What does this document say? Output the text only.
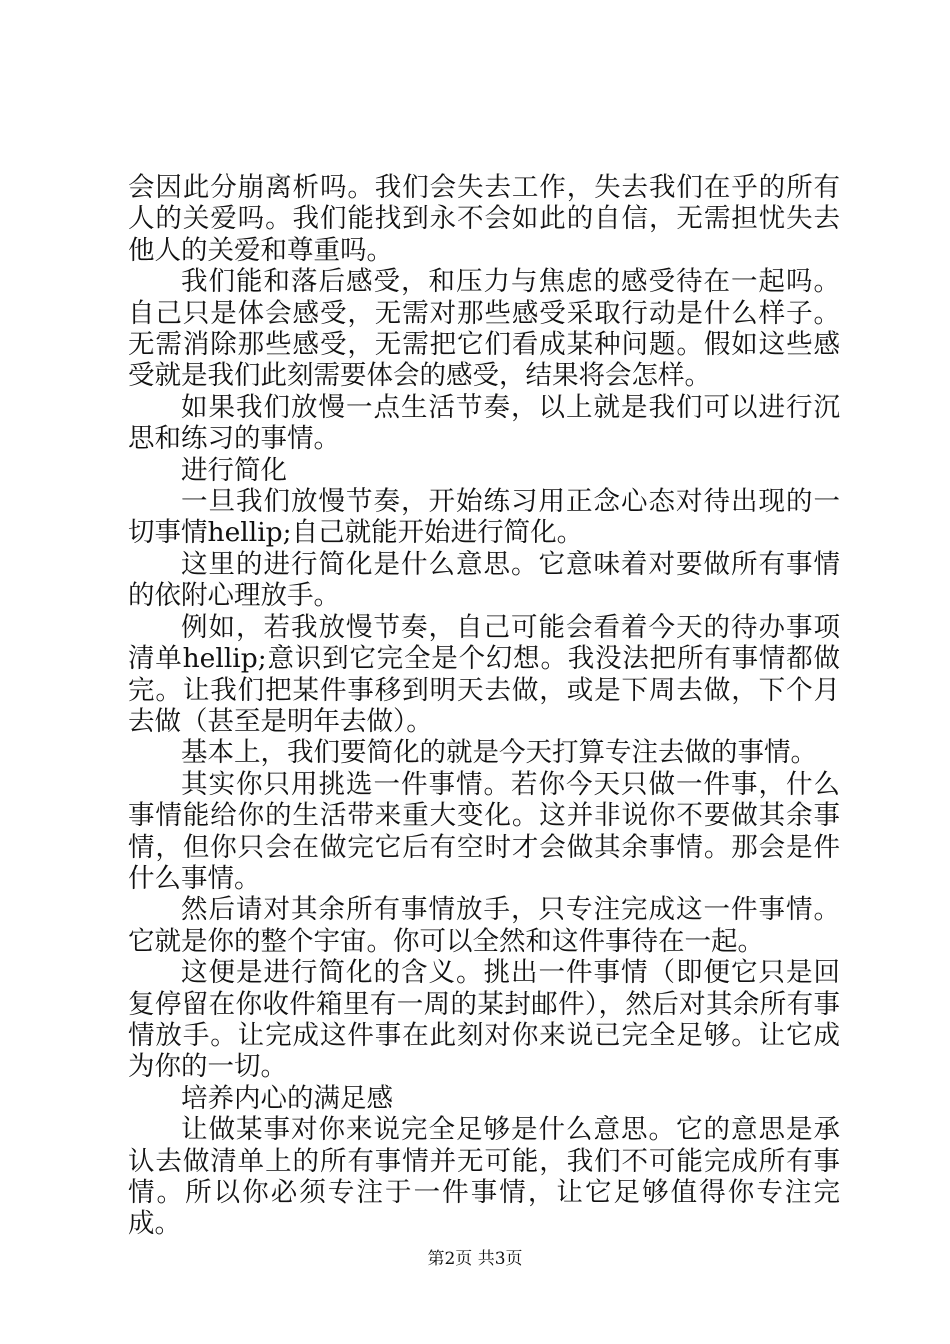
会因此分崩离析吗。我们会失去工作，失去我们在乎的所有人的关爱吗。我们能找到永不会如此的自信，无需担忧失去他人的关爱和尊重吗。

我们能和落后感受，和压力与焦虑的感受待在一起吗。自己只是体会感受，无需对那些感受采取行动是什么样子。无需消除那些感受，无需把它们看成某种问题。假如这些感受就是我们此刻需要体会的感受，结果将会怎样。

如果我们放慢一点生活节奏，以上就是我们可以进行沉思和练习的事情。

进行简化

一旦我们放慢节奏，开始练习用正念心态对待出现的一切事情hellip;自己就能开始进行简化。

这里的进行简化是什么意思。它意味着对要做所有事情的依附心理放手。

例如，若我放慢节奏，自己可能会看着今天的待办事项清单hellip;意识到它完全是个幻想。我没法把所有事情都做完。让我们把某件事移到明天去做，或是下周去做，下个月去做（甚至是明年去做）。

基本上，我们要简化的就是今天打算专注去做的事情。

其实你只用挑选一件事情。若你今天只做一件事，什么事情能给你的生活带来重大变化。这并非说你不要做其余事情，但你只会在做完它后有空时才会做其余事情。那会是件什么事情。

然后请对其余所有事情放手，只专注完成这一件事情。它就是你的整个宇宙。你可以全然和这件事待在一起。

这便是进行简化的含义。挑出一件事情（即便它只是回复停留在你收件箱里有一周的某封邮件），然后对其余所有事情放手。让完成这件事在此刻对你来说已完全足够。让它成为你的一切。

培养内心的满足感

让做某事对你来说完全足够是什么意思。它的意思是承认去做清单上的所有事情并无可能，我们不可能完成所有事情。所以你必须专注于一件事情，让它足够值得你专注完成。

第2页 共3页
